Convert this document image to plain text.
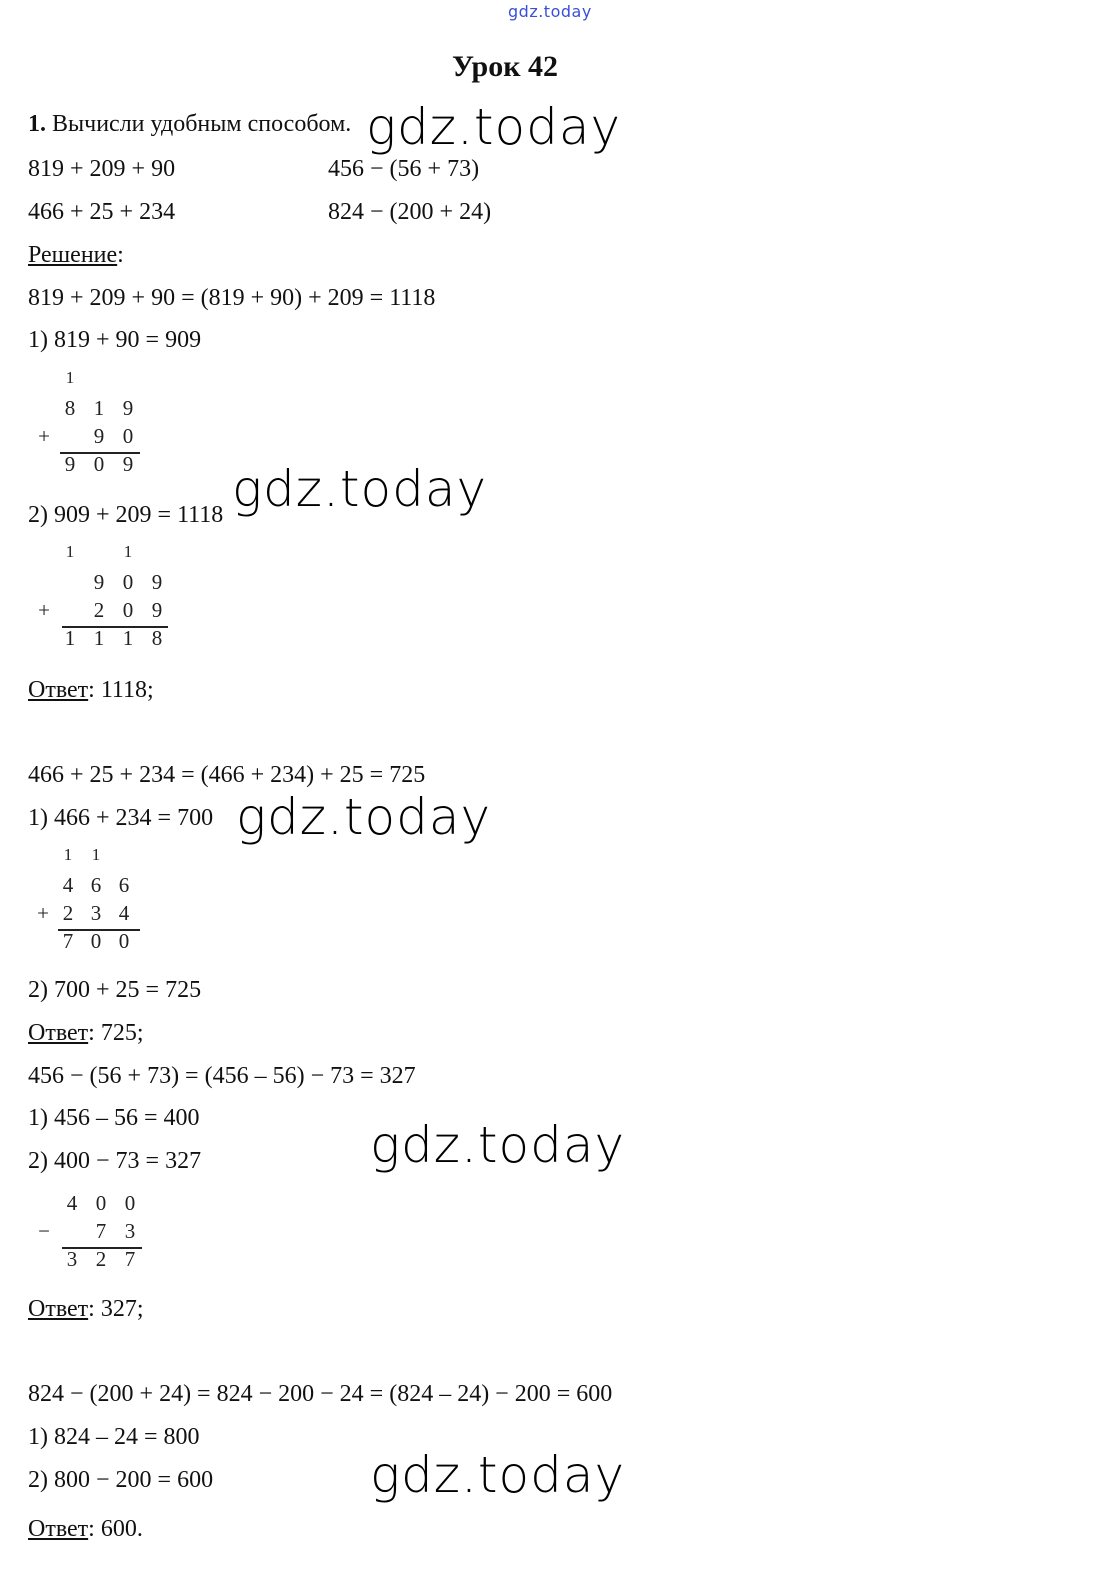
gdz.today
Урок 42
1. Вычисли удобным способом. gdz.today
819 + 209 + 90	456 − (56 + 73)
466 + 25 + 234	824 − (200 + 24)
Решение:
819 + 209 + 90 = (819 + 90) + 209 = 1118
1) 819 + 90 = 909
1
8 1 9
+	9 0
9 0 9
2) 909 + 209 = 1118 gdz.today
1	1
9 0 9
+	2 0 9
1 1 1 8
Ответ: 1118;
466 + 25 + 234 = (466 + 234) + 25 = 725
1) 466 + 234 = 700 gdz.today
1	1
4 6 6
+ 2 3 4
7 0 0
2) 700 + 25 = 725
Ответ: 725;
456 − (56 + 73) = (456 – 56) − 73 = 327
1) 456 – 56 = 400
2) 400 − 73 = 327	gdz.today
4 0 0
−	7 3
3 2 7
Ответ: 327;
824 − (200 + 24) = 824 − 200 − 24 = (824 – 24) − 200 = 600
1) 824 – 24 = 800
2) 800 − 200 = 600	gdz.today
Ответ: 600.
